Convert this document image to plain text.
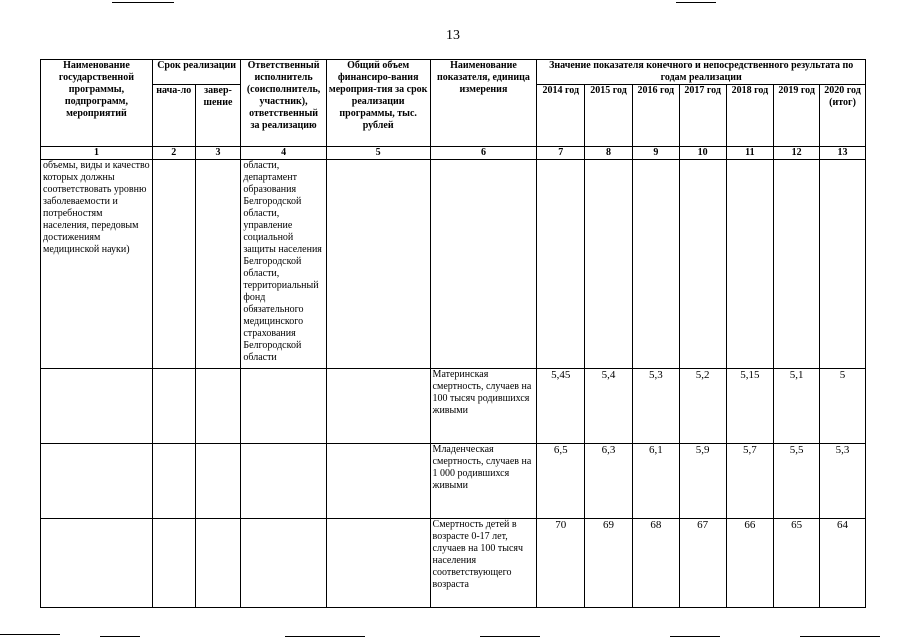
13
Наименование государственной программы, подпрограмм, мероприятий	Срок реализации		Ответственный исполнитель (соисполнитель, участник), ответственный за реализацию	Общий объем финансиро-вания мероприя-тия за срок реализации программы, тыс. рублей	Наименование показателя, единица измерения	Значение показателя конечного и непосредственного результата по годам реализации						
	нача-ло	завер-шение				2014 год	2015 год	2016 год	2017 год	2018 год	2019 год	2020 год (итог)
1	2	3	4	5	6	7	8	9	10	11	12	13
объемы, виды и качество которых должны соответствовать уровню заболеваемости и потребностям населения, передовым достижениям медицинской науки)			области, департамент образования Белгородской области, управление социальной защиты населения Белгородской области, территориальный фонд обязательного медицинского страхования Белгородской области									
					Материнская смертность, случаев на 100 тысяч родившихся живыми	5,45	5,4	5,3	5,2	5,15	5,1	5
					Младенческая смертность, случаев на 1 000 родившихся живыми	6,5	6,3	6,1	5,9	5,7	5,5	5,3
					Смертность детей в возрасте 0-17 лет, случаев на 100 тысяч населения соответствующего возраста	70	69	68	67	66	65	64
